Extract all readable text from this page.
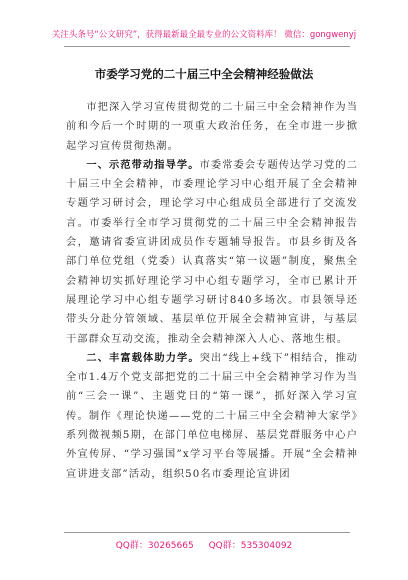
关注头条号“公文研究”，获得最新最全最专业的公文资料库！ 微信：gongwenyj
市委学习党的二十届三中全会精神经验做法

市把深入学习宣传贯彻党的二十届三中全会精神作为当前和今后一个时期的一项重大政治任务，在全市进一步掀起学习宣传贯彻热潮。

一、示范带动指导学。市委常委会专题传达学习党的二十届三中全会精神，市委理论学习中心组开展了全会精神专题学习研讨会，理论学习中心组成员全部进行了交流发言。市委举行全市学习贯彻党的二十届三中全会精神报告会，邀请省委宣讲团成员作专题辅导报告。市县乡街及各部门单位党组（党委）认真落实“第一议题”制度，聚焦全会精神切实抓好理论学习中心组专题学习，全市已累计开展理论学习中心组专题学习研讨840多场次。市县领导还带头分赴分管领域、基层单位开展全会精神宣讲，与基层干部群众互动交流，推动全会精神深入人心、落地生根。

二、丰富载体助力学。突出“线上+线下”相结合，推动全市1.4万个党支部把党的二十届三中全会精神学习作为当前“三会一课”、主题党日的“第一课”，抓好深入学习宣传。制作《理论快递——党的二十届三中全会精神大家学》系列微视频5期，在部门单位电梯屏、基层党群服务中心户外宣传屏、“学习强国”x学习平台等展播。开展“全会精神宣讲进支部”活动，组织50名市委理论宣讲团

QQ群：30265665 QQ群：535304092
